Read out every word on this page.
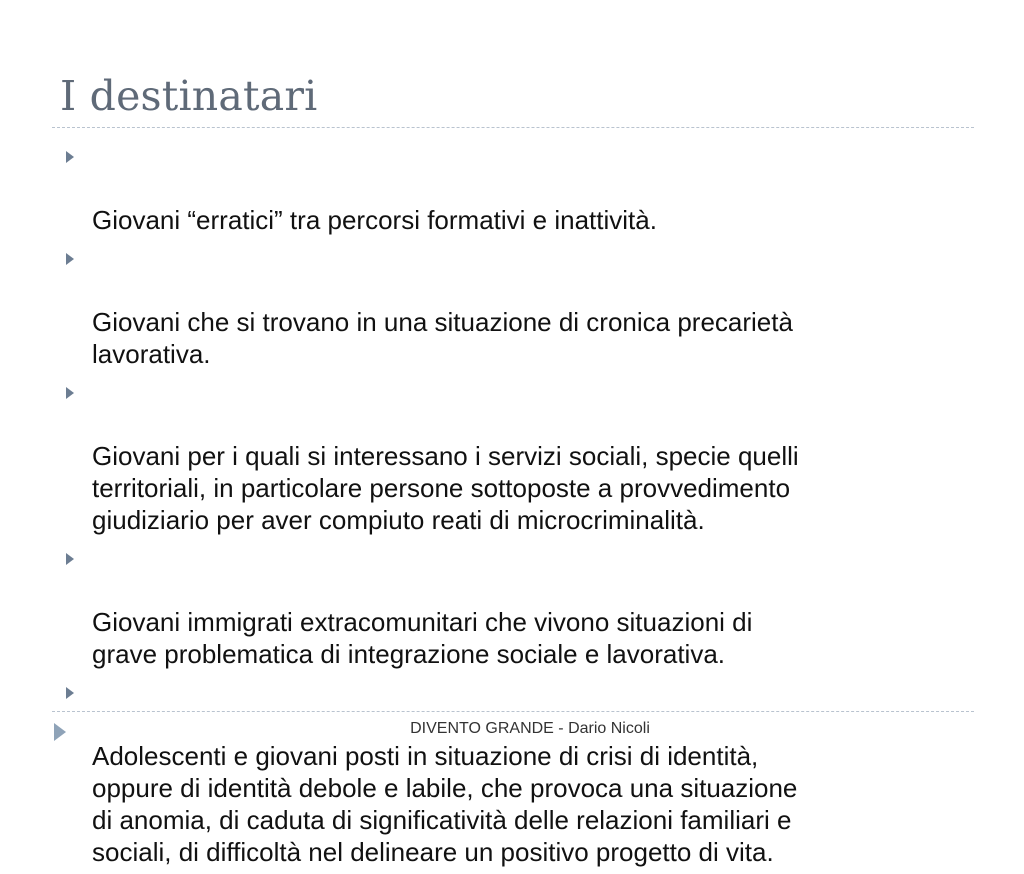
I destinatari

Giovani “erratici” tra percorsi formativi e inattività.

Giovani che si trovano in una situazione di cronica precarietà
lavorativa.

Giovani per i quali si interessano i servizi sociali, specie quelli
territoriali, in particolare persone sottoposte a provvedimento
giudiziario per aver compiuto reati di microcriminalità.

Giovani immigrati extracomunitari che vivono situazioni di
grave problematica di integrazione sociale e lavorativa.

Adolescenti e giovani posti in situazione di crisi di identità,
oppure di identità debole e labile, che provoca una situazione
di anomia, di caduta di significatività delle relazioni familiari e
sociali, di difficoltà nel delineare un positivo progetto di vita.

DIVENTO GRANDE - Dario Nicoli
